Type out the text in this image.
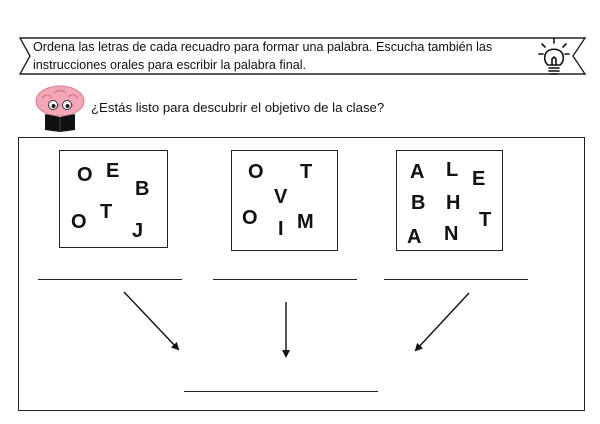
Ordena las letras de cada recuadro para formar una palabra. Escucha también las instrucciones orales para escribir la palabra final.

¿Estás listo para descubrir el objetivo de la clase?

O E
B
O T
J
O T
V
O I M
A L E
B H
T
A N
